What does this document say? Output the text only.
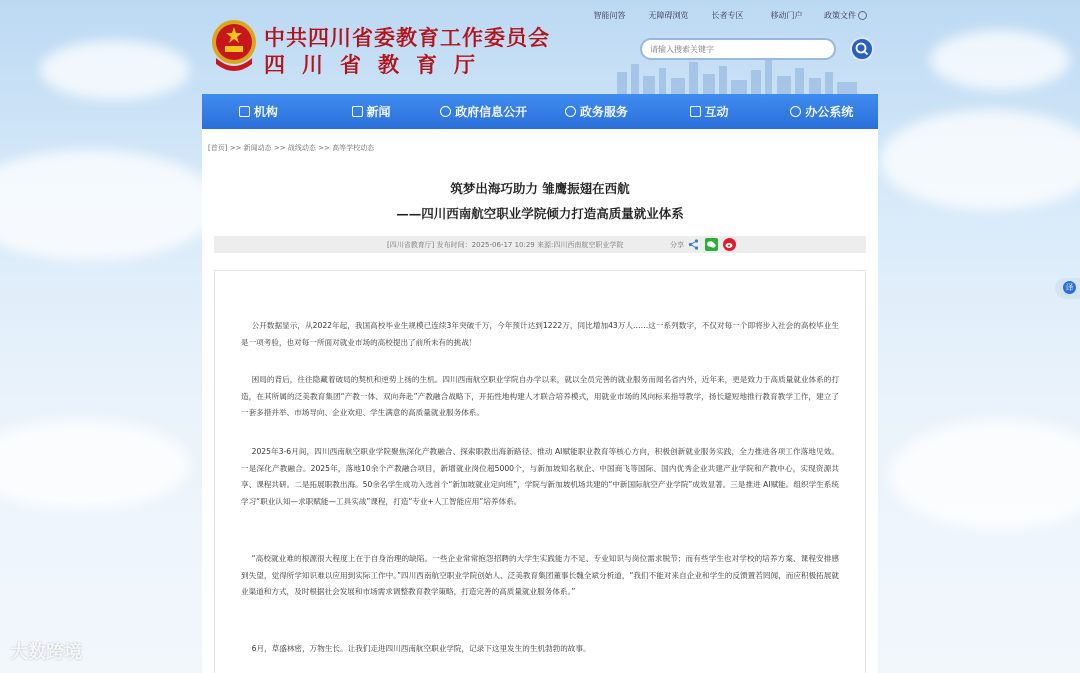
中共四川省委教育工作委员会
四川省教育厅
智能问答	无障碍浏览	长者专区	移动门户	政策文件
请输入搜索关键字
机构	新闻	政府信息公开	政务服务	互动	办公系统
[首页] >> 新闻动态 >> 战线动态 >> 高等学校动态
筑梦出海巧助力 雏鹰振翅在西航
——四川西南航空职业学院倾力打造高质量就业体系
[四川省教育厅] 发布时间：2025-06-17 10:29 来源:四川西南航空职业学院	分享

公开数据显示，从2022年起，我国高校毕业生规模已连续3年突破千万，今年预计达到1222万，同比增加43万人……这一系列数字，不仅对每一个即将步入社会的高校毕业生是一项考验，也对每一所面对就业市场的高校提出了前所未有的挑战！

困局的背后，往往隐藏着破局的契机和逆势上扬的生机。四川西南航空职业学院自办学以来，就以全员完善的就业服务而闻名省内外，近年来，更是致力于高质量就业体系的打造，在其所属的泛美教育集团“产教一体、双向奔赴”产教融合战略下，开拓性地构建人才联合培养模式，用就业市场的风向标来指导教学，扬长避短地推行教育教学工作，建立了一套多措并举、市场导向、企业欢迎、学生满意的高质量就业服务体系。

2025年3-6月间，四川西南航空职业学院聚焦深化产教融合、探索职教出海新路径、推动 AI赋能职业教育等核心方向，积极创新就业服务实践，全力推进各项工作落地见效。一是深化产教融合。2025年，落地10余个产教融合项目，新增就业岗位超5000个，与新加坡知名航企、中国商飞等国际、国内优秀企业共建产业学院和产教中心，实现资源共享、课程共研。二是拓展职教出海。50余名学生成功入选首个“新加坡就业定向班”，学院与新加坡机场共建的“中新国际航空产业学院”成效显著。三是推进 AI赋能。组织学生系统学习“职业认知—求职赋能—工具实战”课程，打造“专业+人工智能应用”培养体系。

“高校就业难的根源很大程度上在于自身治理的缺陷。一些企业常常抱怨招聘的大学生实践能力不足、专业知识与岗位需求脱节；而有些学生也对学校的培养方案、课程安排感到失望，觉得所学知识难以应用到实际工作中。”四川西南航空职业学院创始人、泛美教育集团董事长魏全斌分析道，“我们不能对来自企业和学生的反馈置若罔闻，而应积极拓展就业渠道和方式，及时根据社会发展和市场需求调整教育教学策略，打造完善的高质量就业服务体系。”

6月，草盛林密，万物生长。让我们走进四川西南航空职业学院，记录下这里发生的生机勃勃的故事。

译
大数跨境
